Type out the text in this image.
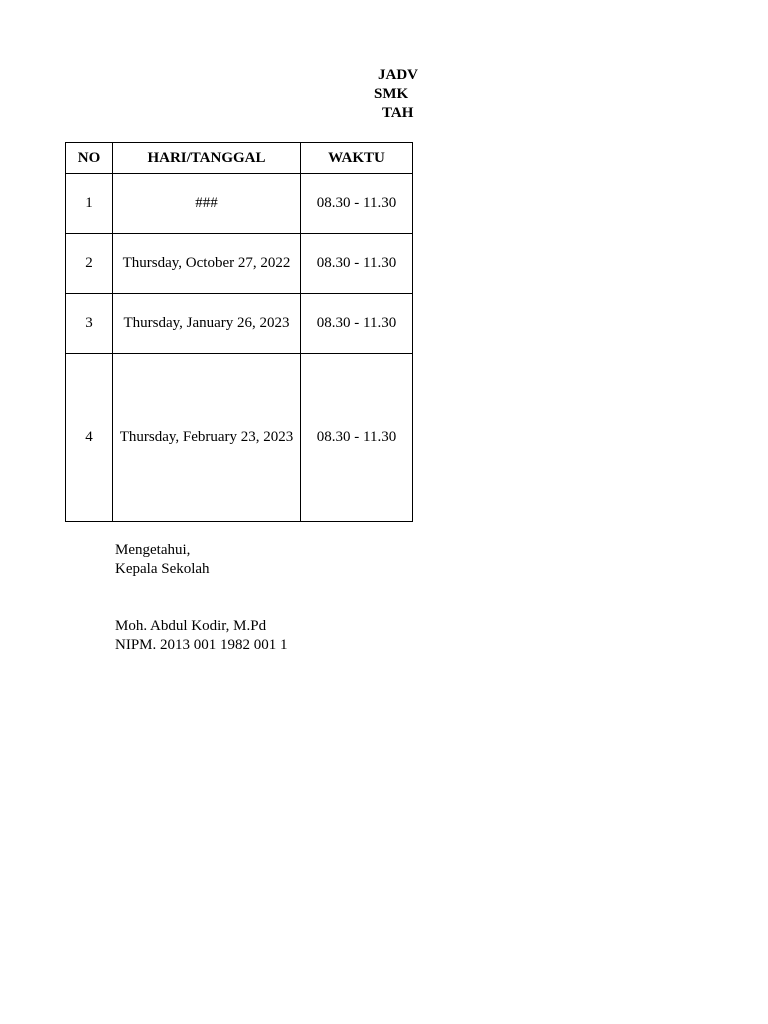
JADV
SMK
TAH
NO	HARI/TANGGAL	WAKTU
1	###	08.30 - 11.30
2	Thursday, October 27, 2022	08.30 - 11.30
3	Thursday, January 26, 2023	08.30 - 11.30
4	Thursday, February 23, 2023	08.30 - 11.30
Mengetahui,
Kepala Sekolah
Moh. Abdul Kodir, M.Pd
NIPM. 2013 001 1982 001 1
